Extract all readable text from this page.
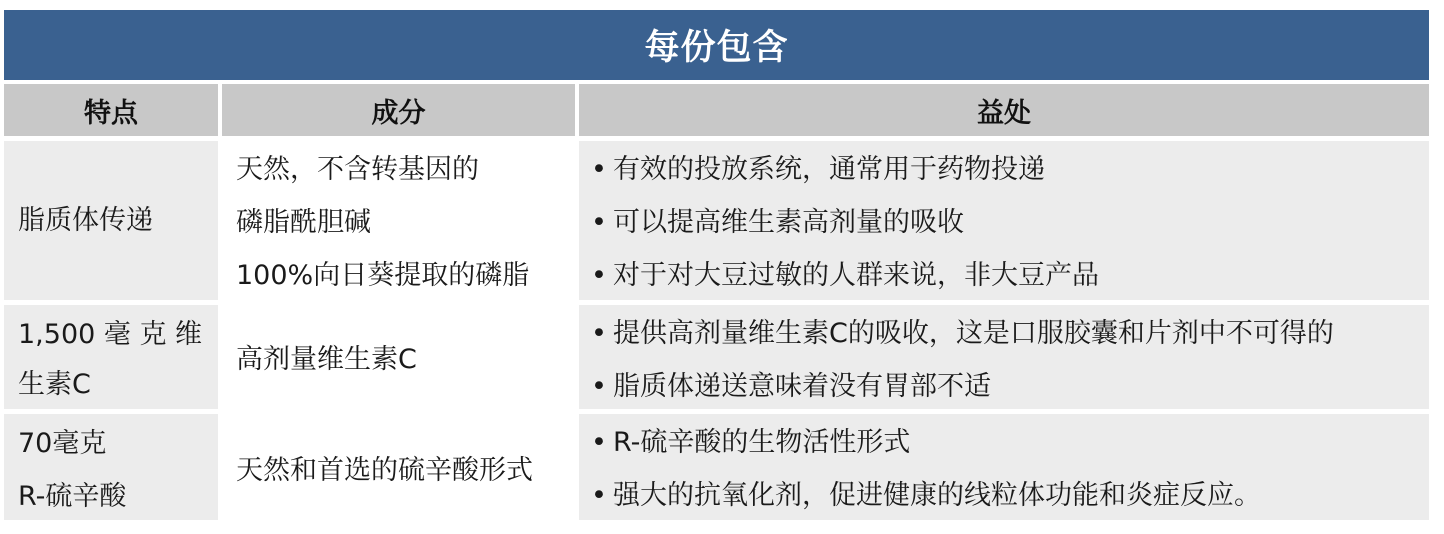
每份包含
特点	成分	益处
脂质体传递
天然，不含转基因的
磷脂酰胆碱
100%向日葵提取的磷脂
• 有效的投放系统，通常用于药物投递
• 可以提高维生素高剂量的吸收
• 对于对大豆过敏的人群来说，非大豆产品
1,500 毫 克 维
生素C
高剂量维生素C
• 提供高剂量维生素C的吸收，这是口服胶囊和片剂中不可得的
• 脂质体递送意味着没有胃部不适
70毫克
R-硫辛酸
天然和首选的硫辛酸形式
• R-硫辛酸的生物活性形式
• 强大的抗氧化剂，促进健康的线粒体功能和炎症反应。
